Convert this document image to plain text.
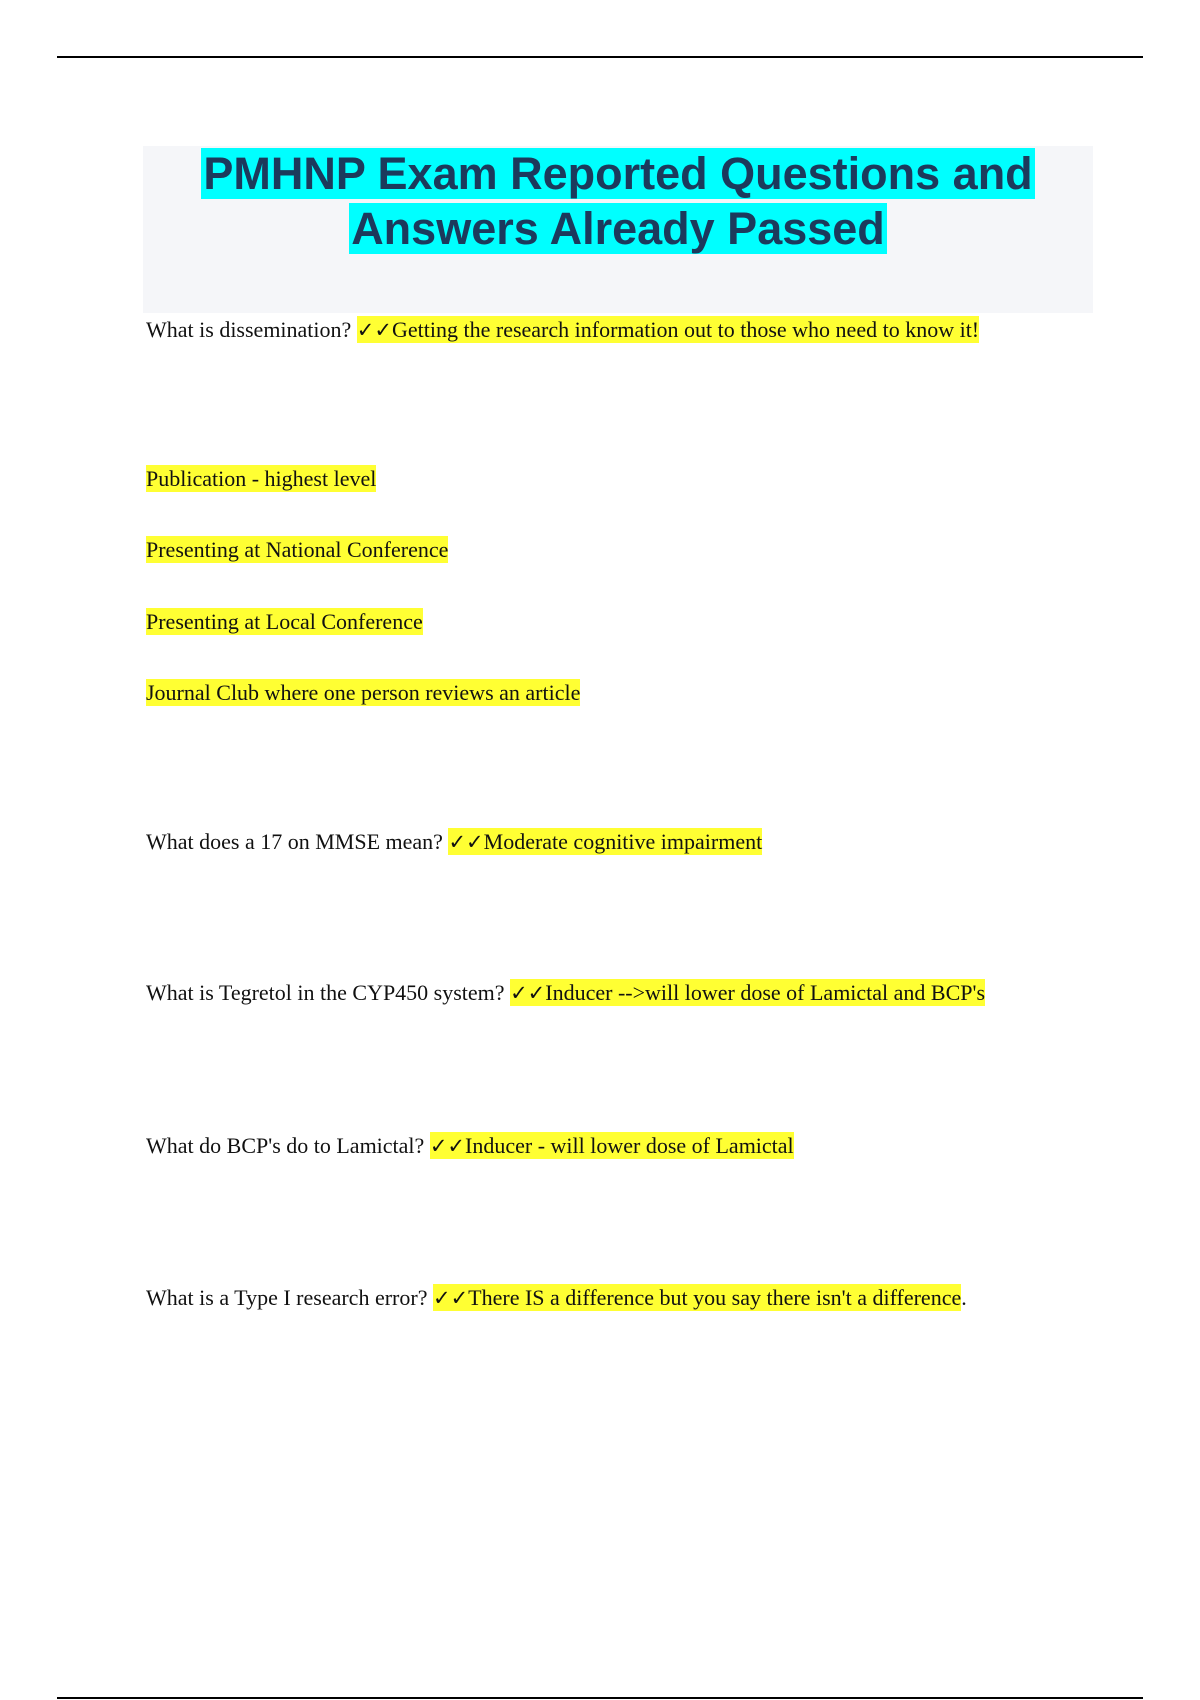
PMHNP Exam Reported Questions and
Answers Already Passed
What is dissemination? ✓✓Getting the research information out to those who need to know it!
Publication - highest level
Presenting at National Conference
Presenting at Local Conference
Journal Club where one person reviews an article
What does a 17 on MMSE mean? ✓✓Moderate cognitive impairment
What is Tegretol in the CYP450 system? ✓✓Inducer -->will lower dose of Lamictal and BCP's
What do BCP's do to Lamictal? ✓✓Inducer - will lower dose of Lamictal
What is a Type I research error? ✓✓There IS a difference but you say there isn't a difference.
